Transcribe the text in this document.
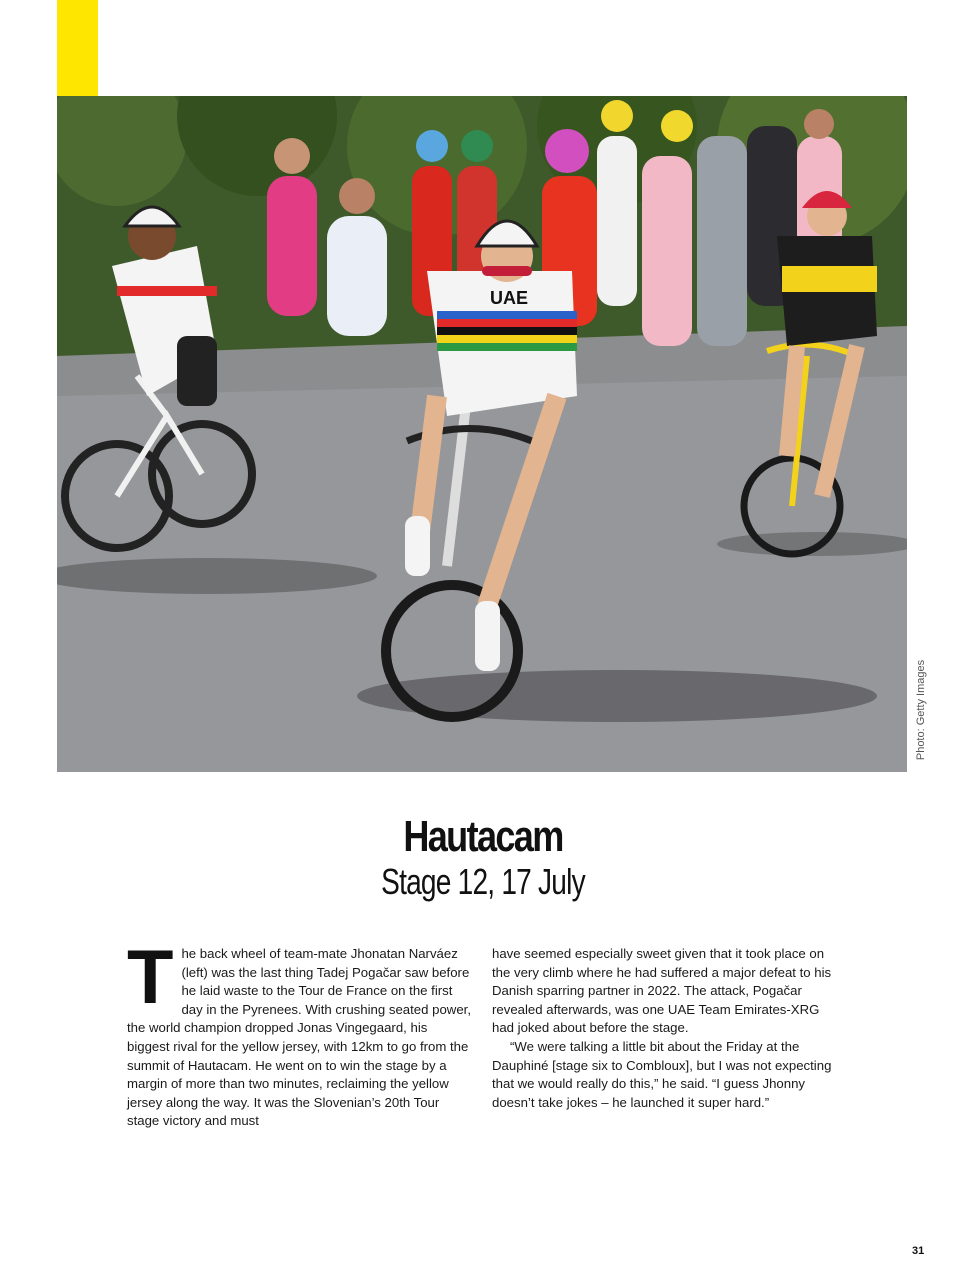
UAE
Photo: Getty Images
Hautacam
Stage 12, 17 July

The back wheel of team-mate Jhonatan Narváez (left) was the last thing Tadej Pogačar saw before he laid waste to the Tour de France on the first day in the Pyrenees. With crushing seated power, the world champion dropped Jonas Vingegaard, his biggest rival for the yellow jersey, with 12km to go from the summit of Hautacam. He went on to win the stage by a margin of more than two minutes, reclaiming the yellow jersey along the way. It was the Slovenian’s 20th Tour stage victory and must

have seemed especially sweet given that it took place on the very climb where he had suffered a major defeat to his Danish sparring partner in 2022. The attack, Pogačar revealed afterwards, was one UAE Team Emirates-XRG had joked about before the stage.

“We were talking a little bit about the Friday at the Dauphiné [stage six to Combloux], but I was not expecting that we would really do this,” he said. “I guess Jhonny doesn’t take jokes – he launched it super hard.”

31
